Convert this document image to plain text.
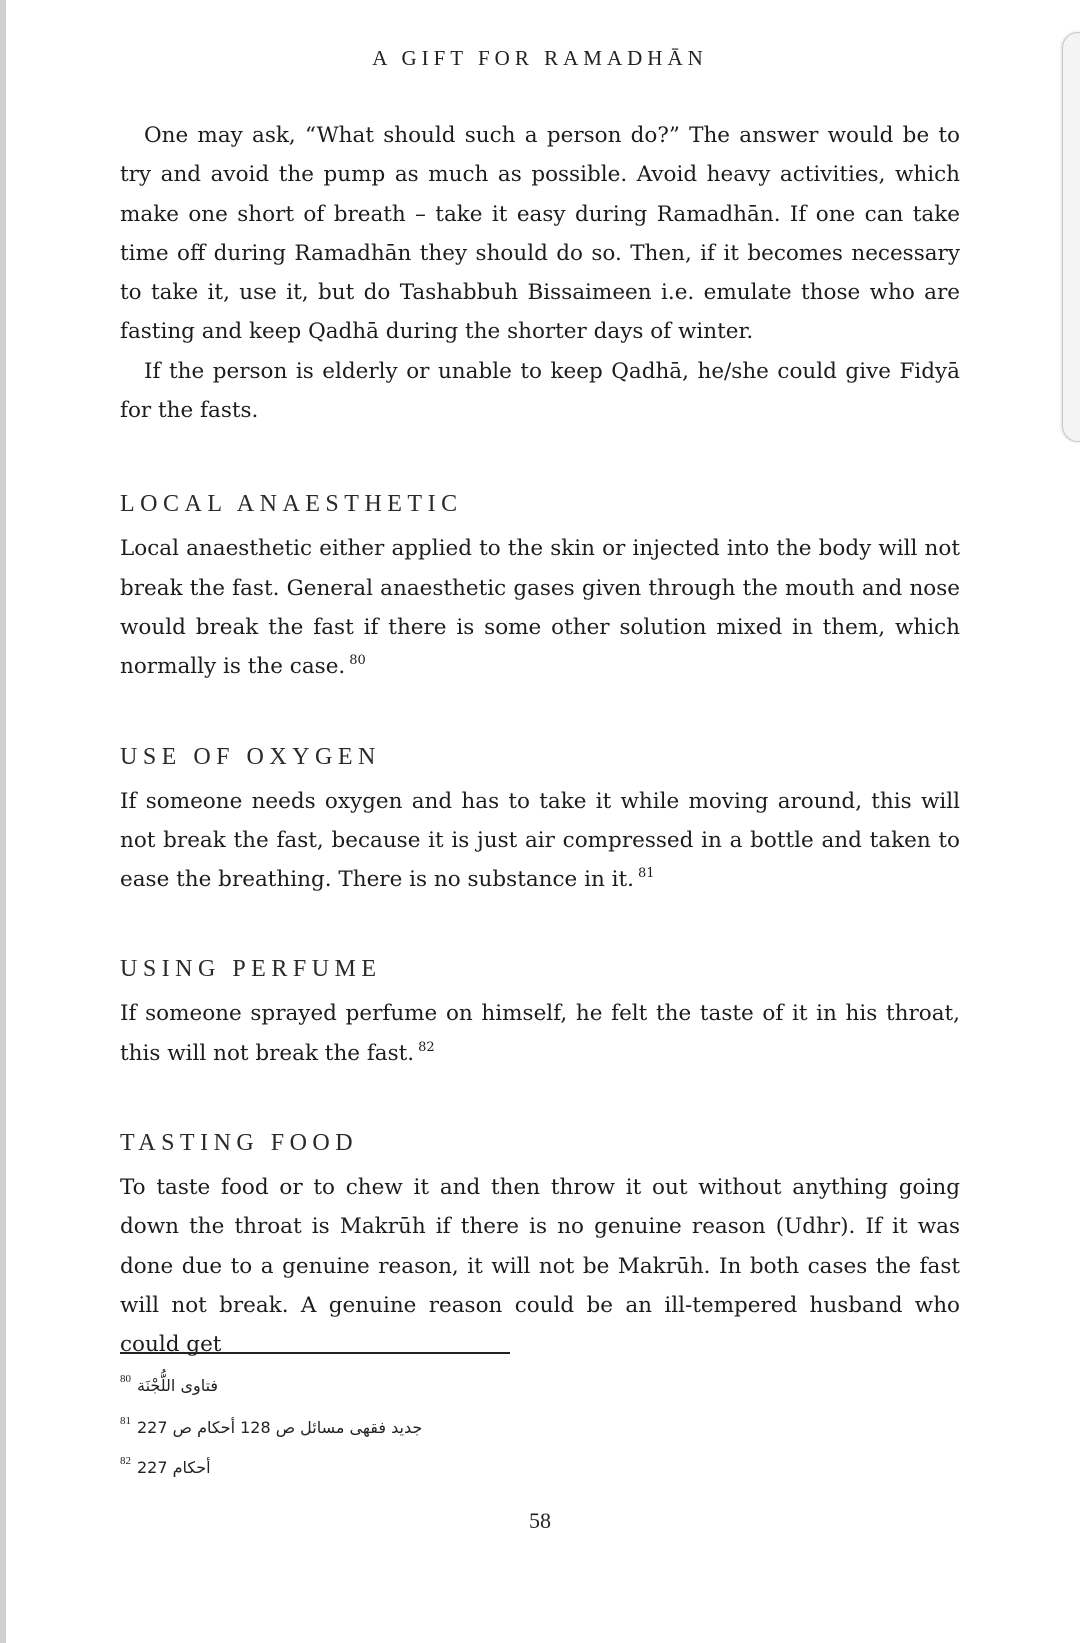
A GIFT FOR RAMADHĀN

One may ask, “What should such a person do?” The answer would be to try and avoid the pump as much as possible. Avoid heavy activities, which make one short of breath – take it easy during Ramadhān. If one can take time off during Ramadhān they should do so. Then, if it becomes necessary to take it, use it, but do Tashabbuh Bissaimeen i.e. emulate those who are fasting and keep Qadhā during the shorter days of winter.

If the person is elderly or unable to keep Qadhā, he/she could give Fidyā for the fasts.

LOCAL ANAESTHETIC

Local anaesthetic either applied to the skin or injected into the body will not break the fast. General anaesthetic gases given through the mouth and nose would break the fast if there is some other solution mixed in them, which normally is the case. $^{80}$

USE OF OXYGEN

If someone needs oxygen and has to take it while moving around, this will not break the fast, because it is just air compressed in a bottle and taken to ease the breathing. There is no substance in it. $^{81}$

USING PERFUME

If someone sprayed perfume on himself, he felt the taste of it in his throat, this will not break the fast. $^{82}$

TASTING FOOD

To taste food or to chew it and then throw it out without anything going down the throat is Makrūh if there is no genuine reason (Udhr). If it was done due to a genuine reason, it will not be Makrūh. In both cases the fast will not break. A genuine reason could be an ill-tempered husband who could get

80 فتاوی اللُّجْنَة
81 جدید فقهی مسائل ص 128 أحکام ص 227
82 أحکام 227
58
